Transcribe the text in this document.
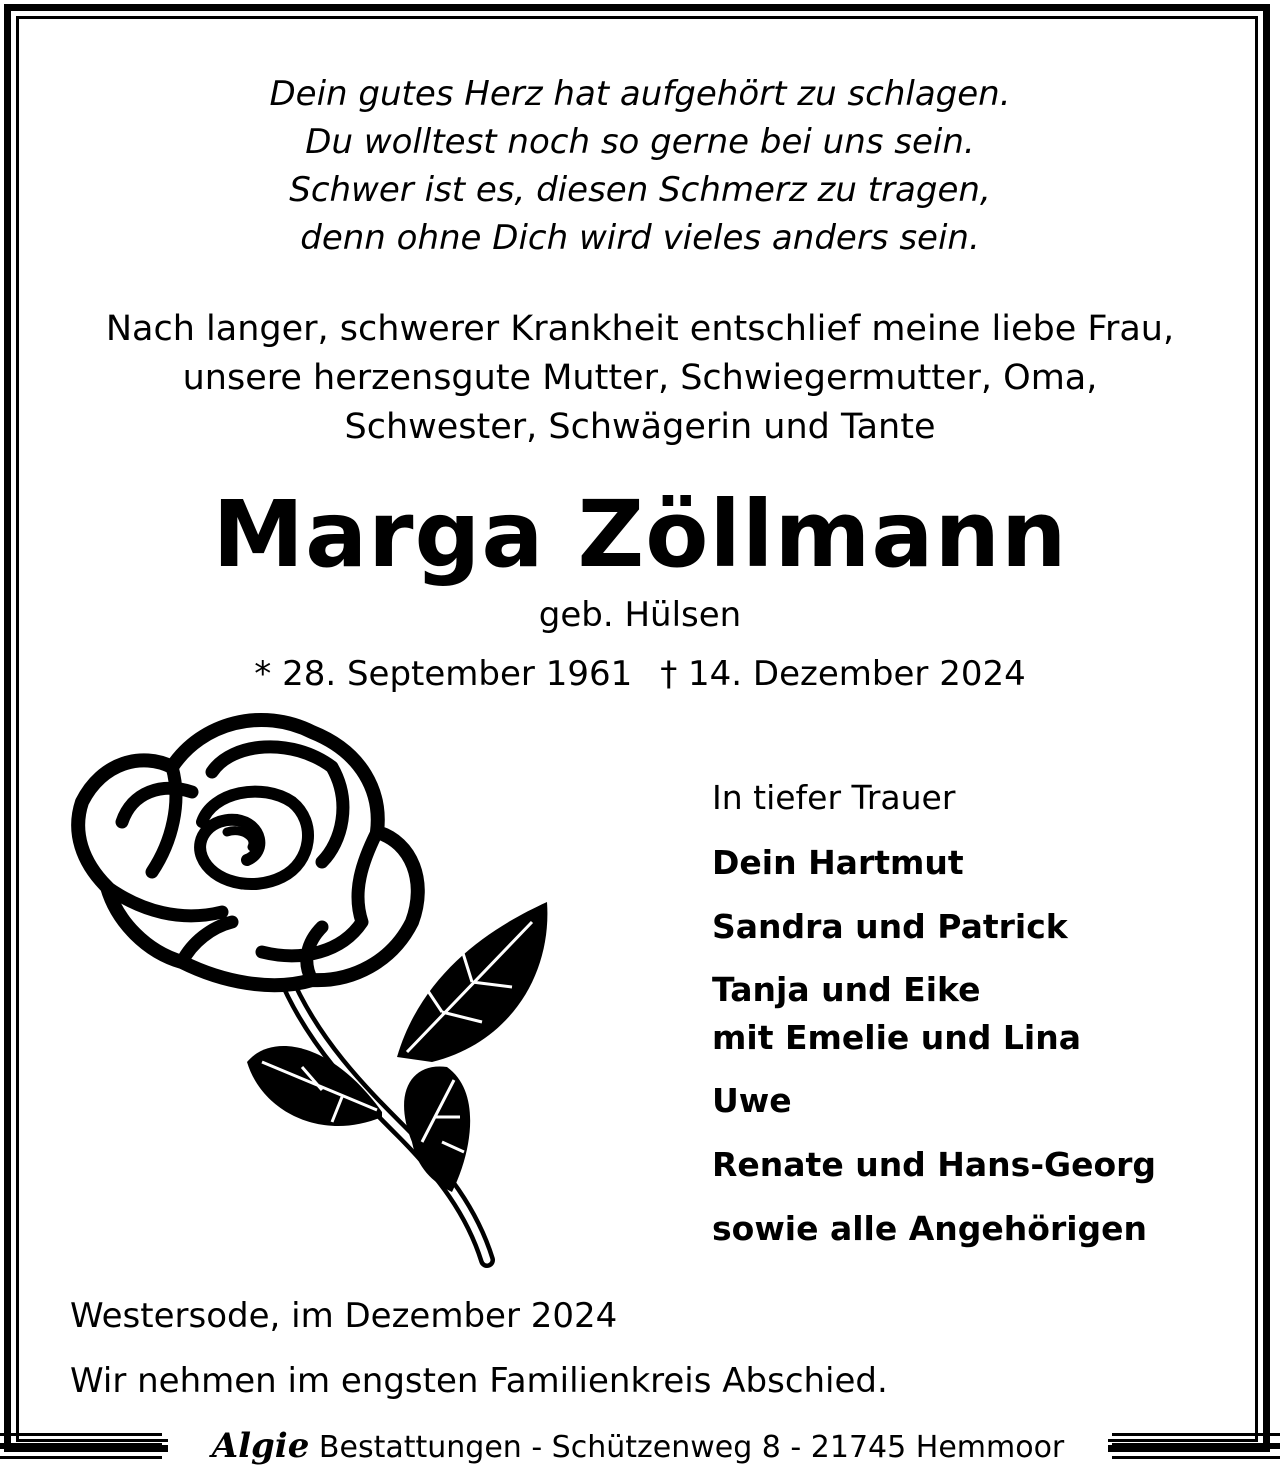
Dein gutes Herz hat aufgehört zu schlagen.
Du wolltest noch so gerne bei uns sein.
Schwer ist es, diesen Schmerz zu tragen,
denn ohne Dich wird vieles anders sein.
Nach langer, schwerer Krankheit entschlief meine liebe Frau,
unsere herzensgute Mutter, Schwiegermutter, Oma,
Schwester, Schwägerin und Tante
Marga Zöllmann
geb. Hülsen
* 28. September 1961 † 14. Dezember 2024
In tiefer Trauer
Dein Hartmut
Sandra und Patrick
Tanja und Eike
mit Emelie und Lina
Uwe
Renate und Hans-Georg
sowie alle Angehörigen
Westersode, im Dezember 2024
Wir nehmen im engsten Familienkreis Abschied.
Algie Bestattungen - Schützenweg 8 - 21745 Hemmoor
